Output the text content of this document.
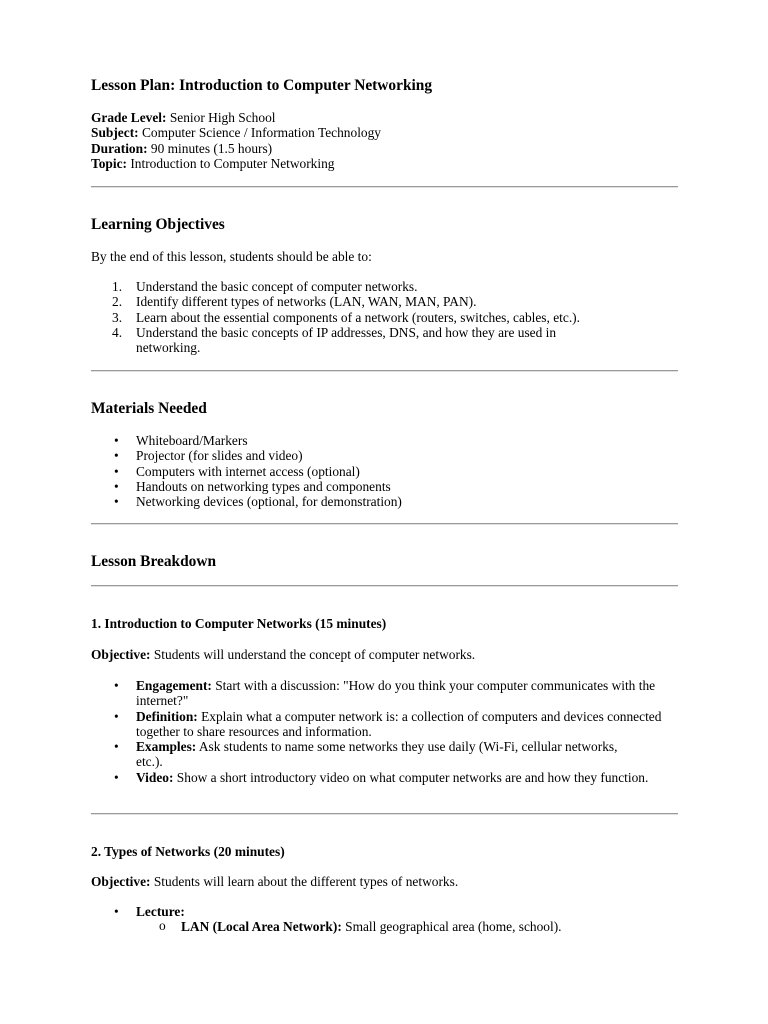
Lesson Plan: Introduction to Computer Networking
Grade Level: Senior High School
Subject: Computer Science / Information Technology
Duration: 90 minutes (1.5 hours)
Topic: Introduction to Computer Networking
Learning Objectives
By the end of this lesson, students should be able to:
1. Understand the basic concept of computer networks.
2. Identify different types of networks (LAN, WAN, MAN, PAN).
3. Learn about the essential components of a network (routers, switches, cables, etc.).
4. Understand the basic concepts of IP addresses, DNS, and how they are used in networking.
Materials Needed
• Whiteboard/Markers
• Projector (for slides and video)
• Computers with internet access (optional)
• Handouts on networking types and components
• Networking devices (optional, for demonstration)
Lesson Breakdown
1. Introduction to Computer Networks (15 minutes)
Objective: Students will understand the concept of computer networks.
• Engagement: Start with a discussion: "How do you think your computer communicates with the internet?"
• Definition: Explain what a computer network is: a collection of computers and devices connected together to share resources and information.
• Examples: Ask students to name some networks they use daily (Wi-Fi, cellular networks, etc.).
• Video: Show a short introductory video on what computer networks are and how they function.
2. Types of Networks (20 minutes)
Objective: Students will learn about the different types of networks.
• Lecture:
o LAN (Local Area Network): Small geographical area (home, school).
